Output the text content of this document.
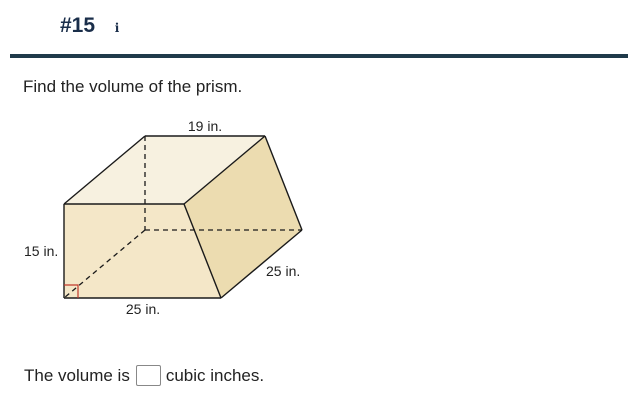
#15	i
Find the volume of the prism.
19 in.
15 in.
25 in.
25 in.
The volume is cubic inches.
